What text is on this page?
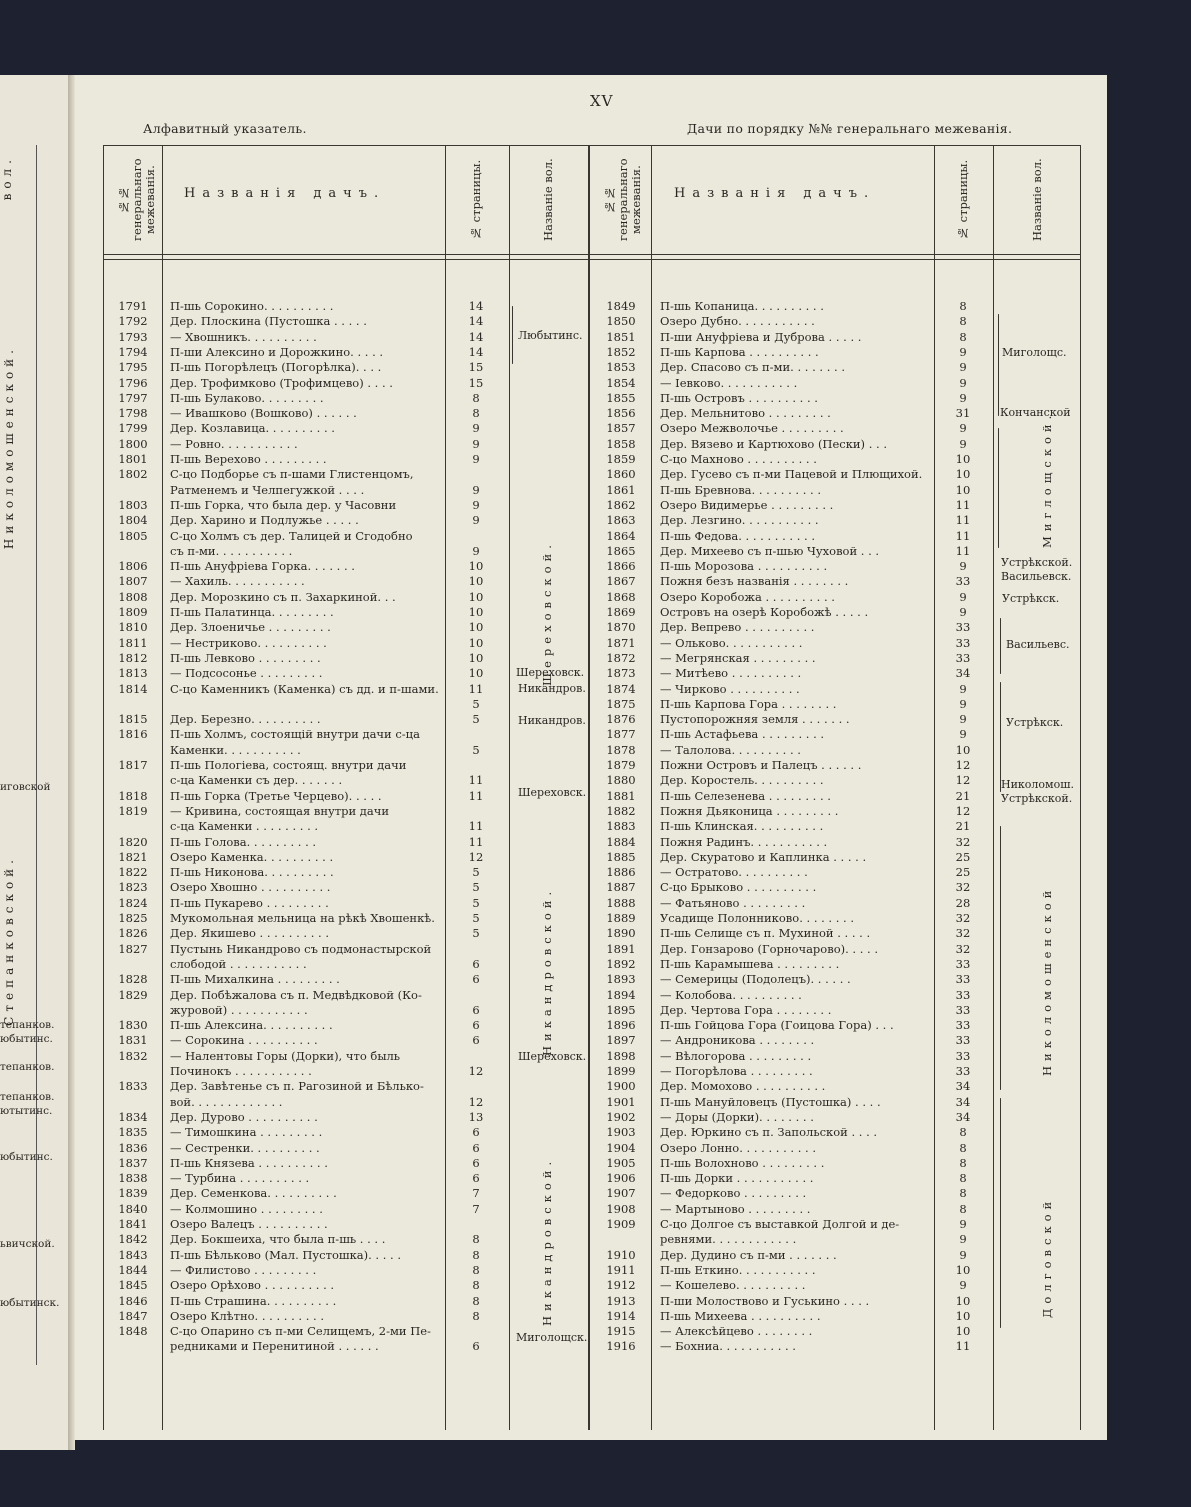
вол.
Николомошенской.
Степанковской.
иговской
тепанков.
юбытинс.
тепанков.
тепанков.
ютытинс.
юбытинс.
ьвичской.
юбытинск.
XV
Алфавитный указатель.	Дачи по порядку №№ генеральнаго межеванія.
№№ генеральнаго межеванія. Названія дачъ.	№ страницы.	Названіе вол.	№№ генеральнаго межеванія. Названія дачъ.	№ страницы.	Названіе вол.
1791	П-шь Сорокино. . . . . . . . . .	14
1792	Дер. Плоскина (Пустошка . . . . .	14
1793	— Хвошникъ. . . . . . . . . .	14
1794	П-ши Алексино и Дорожкино. . . . .	14
1795	П-шь Погорѣлецъ (Погорѣлка). . . .	15
1796	Дер. Трофимково (Трофимцево) . . . .	15
1797	П-шь Булаково. . . . . . . . .	8
1798	— Ивашково (Вошково) . . . . . .	8
1799	Дер. Козлавица. . . . . . . . . .	9
1800	— Ровно. . . . . . . . . . .	9
1801	П-шь Верехово . . . . . . . . .	9
1802	С-цо Подборье съ п-шами Глистенцомъ,
Ратменемъ и Челпегужкой . . . .	9
1803	П-шь Горка, что была дер. у Часовни	9
1804	Дер. Харино и Подлужье . . . . .	9
1805	С-цо Холмъ съ дер. Талицей и Сгодобно
съ п-ми. . . . . . . . . . .	9
1806	П-шь Ануфріева Горка. . . . . . .	10
1807	— Хахиль. . . . . . . . . . .	10
1808	Дер. Морозкино съ п. Захаркиной. . .	10
1809	П-шь Палатинца. . . . . . . . .	10
1810	Дер. Злоеничье . . . . . . . . .	10
1811	— Нестриково. . . . . . . . . .	10
1812	П-шь Левково . . . . . . . . .	10
1813	— Подсосонье . . . . . . . . .	10
1814	С-цо Каменникъ (Каменка) съ дд. и п-шами.	11
5
1815	Дер. Березно. . . . . . . . . .	5
1816	П-шь Холмъ, состоящій внутри дачи с-ца
Каменки. . . . . . . . . . .	5
1817	П-шь Пологіева, состоящ. внутри дачи
с-ца Каменки съ дер. . . . . . .	11
1818	П-шь Горка (Третье Черцево). . . . .	11
1819	— Кривина, состоящая внутри дачи
с-ца Каменки . . . . . . . . .	11
1820	П-шь Голова. . . . . . . . . .	11
1821	Озеро Каменка. . . . . . . . . .	12
1822	П-шь Никонова. . . . . . . . . .	5
1823	Озеро Хвошно . . . . . . . . . .	5
1824	П-шь Пукарево . . . . . . . . .	5
1825	Мукомольная мельница на рѣкѣ Хвошенкѣ.	5
1826	Дер. Якишево . . . . . . . . . .	5
1827	Пустынь Никандрово съ подмонастырской
слободой . . . . . . . . . . .	6
1828	П-шь Михалкина . . . . . . . . .	6
1829	Дер. Побѣжалова съ п. Медвѣдковой (Ко-
журовой) . . . . . . . . . . .	6
1830	П-шь Алексина. . . . . . . . . .	6
1831	— Сорокина . . . . . . . . . .	6
1832	— Налентовы Горы (Дорки), что быль
Починокъ . . . . . . . . . . .	12
1833	Дер. Завѣтенье съ п. Рагозиной и Бѣлько-
вой. . . . . . . . . . . . .	12
1834	Дер. Дурово . . . . . . . . . .	13
1835	— Тимошкина . . . . . . . . .	6
1836	— Сестренки. . . . . . . . . .	6
1837	П-шь Князева . . . . . . . . . .	6
1838	— Турбина . . . . . . . . . .	6
1839	Дер. Семенкова. . . . . . . . . .	7
1840	— Колмошино . . . . . . . . .	7
1841	Озеро Валецъ . . . . . . . . . .
1842	Дер. Бокшеиха, что была п-шь . . . .	8
1843	П-шь Бѣльково (Мал. Пустошка). . . . .	8
1844	— Филистово . . . . . . . . .	8
1845	Озеро Орѣхово . . . . . . . . . .	8
1846	П-шь Страшина. . . . . . . . . .	8
1847	Озеро Клѣтно. . . . . . . . . .	8
1848	С-цо Опарино съ п-ми Селищемъ, 2-ми Пе-
редниками и Перенитиной . . . . . .	6
1849	П-шь Копаница. . . . . . . . . .	8
1850	Озеро Дубно. . . . . . . . . . .	8
1851	П-ши Ануфріева и Дуброва . . . . .	8
1852	П-шь Карпова . . . . . . . . . .	9
1853	Дер. Спасово съ п-ми. . . . . . . .	9
1854	— Іевково. . . . . . . . . . .	9
1855	П-шь Островъ . . . . . . . . . .	9
1856	Дер. Мельнитово . . . . . . . . .	31
1857	Озеро Межволочье . . . . . . . . .	9
1858	Дер. Вязево и Картюхово (Пески) . . .	9
1859	С-цо Махново . . . . . . . . . .	10
1860	Дер. Гусево съ п-ми Пацевой и Плющихой.	10
1861	П-шь Бревнова. . . . . . . . . .	10
1862	Озеро Видимерье . . . . . . . . .	11
1863	Дер. Лезгино. . . . . . . . . . .	11
1864	П-шь Федова. . . . . . . . . . .	11
1865	Дер. Михеево съ п-шью Чуховой . . .	11
1866	П-шь Морозова . . . . . . . . . .	9
1867	Пожня безъ названія . . . . . . . .	33
1868	Озеро Коробожа . . . . . . . . . .	9
1869	Островъ на озерѣ Коробожѣ . . . . .	9
1870	Дер. Вепрево . . . . . . . . . .	33
1871	— Ольково. . . . . . . . . . .	33
1872	— Мегрянская . . . . . . . . .	33
1873	— Митѣево . . . . . . . . . .	34
1874	— Чирково . . . . . . . . . .	9
1875	П-шь Карпова Гора . . . . . . . .	9
1876	Пустопорожняя земля . . . . . . .	9
1877	П-шь Астафьева . . . . . . . . .	9
1878	— Талолова. . . . . . . . . .	10
1879	Пожни Островъ и Палецъ . . . . . .	12
1880	Дер. Коростель. . . . . . . . . .	12
1881	П-шь Селезенева . . . . . . . . .	21
1882	Пожня Дьяконица . . . . . . . . .	12
1883	П-шь Клинская. . . . . . . . . .	21
1884	Пожня Радинъ. . . . . . . . . . .	32
1885	Дер. Скуратово и Каплинка . . . . .	25
1886	— Остратово. . . . . . . . . .	25
1887	С-цо Брыково . . . . . . . . . .	32
1888	— Фатьяново . . . . . . . . .	28
1889	Усадище Полонниково. . . . . . . .	32
1890	П-шь Селище съ п. Мухиной . . . . .	32
1891	Дер. Гонзарово (Горночарово). . . . .	32
1892	П-шь Карамышева . . . . . . . . .	33
1893	— Семерицы (Подолецъ). . . . . .	33
1894	— Колобова. . . . . . . . . .	33
1895	Дер. Чертова Гора . . . . . . . .	33
1896	П-шь Гойцова Гора (Гоицова Гора) . . .	33
1897	— Андроникова . . . . . . . .	33
1898	— Вѣлогорова . . . . . . . . .	33
1899	— Погорѣлова . . . . . . . . .	33
1900	Дер. Момохово . . . . . . . . . .	34
1901	П-шь Мануйловецъ (Пустошка) . . . .	34
1902	— Доры (Дорки). . . . . . . .	34
1903	Дер. Юркино съ п. Запольской . . . .	8
1904	Озеро Лонно. . . . . . . . . . .	8
1905	П-шь Волохново . . . . . . . . .	8
1906	П-шь Дорки . . . . . . . . . . .	8
1907	— Федорково . . . . . . . . .	8
1908	— Мартыново . . . . . . . . .	8
1909	С-цо Долгое съ выставкой Долгой и де-	9
ревнями. . . . . . . . . . . .	9
1910	Дер. Дудино съ п-ми . . . . . . .	9
1911	П-шь Еткино. . . . . . . . . . .	10
1912	— Кошелево. . . . . . . . . .	9
1913	П-ши Молоствово и Гуськино . . . .	10
1914	П-шь Михеева . . . . . . . . . .	10
1915	— Алексѣйцево . . . . . . . .	10
1916	— Бохниа. . . . . . . . . . .	11
Любытинс.
Шереховской.
Шереховск.
Никандров.
Никандров.
Шереховск.
Никандровской.
Шереховск.
Никандровской.
Миголощск.
Миголощс.
Кончанской
Миглощской.
Устрѣкской.
Васильевск.
Устрѣкск.
Васильевс.
Устрѣкск.
Николомош.
Устрѣкской.
Николомошенской
Долговской
